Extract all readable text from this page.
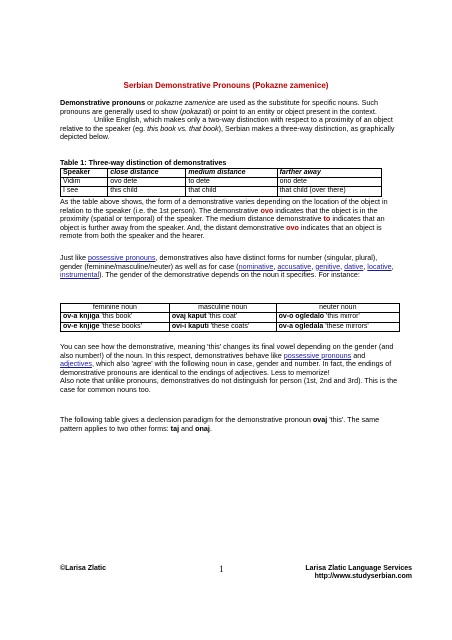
Serbian Demonstrative Pronouns (Pokazne zamenice)

Demonstrative pronouns or pokazne zamenice are used as the substitute for specific nouns. Such pronouns are generally used to show (pokazati) or point to an entity or object present in the context.

Unlike English, which makes only a two-way distinction with respect to a proximity of an object relative to the speaker (eg. this book vs. that book), Serbian makes a three-way distinction, as graphically depicted below.

Table 1: Three-way distinction of demonstratives

Speaker	close distance	medium distance	farther away
Vidim	ovo dete	to dete	ono dete
I see	this child	that child	that child (over there)

As the table above shows, the form of a demonstrative varies depending on the location of the object in relation to the speaker (i.e. the 1st person). The demonstrative ovo indicates that the object is in the proximity (spatial or temporal) of the speaker. The medium distance demonstrative to indicates that an object is further away from the speaker. And, the distant demonstrative ovo indicates that an object is remote from both the speaker and the hearer.

Just like possessive pronouns, demonstratives also have distinct forms for number (singular, plural), gender (feminine/masculine/neuter) as well as for case (nominative, accusative, genitive, dative, locative, instrumental). The gender of the demonstrative depends on the noun it specifies. For instance:

feminine noun	masculine noun	neuter noun
ov-a knjiga 'this book'	ovaj kaput 'this coat'	ov-o ogledalo 'this mirror'
ov-e knjige 'these books'	ovi-i kaputi 'these coats'	ov-a ogledala 'these mirrors'

You can see how the demonstrative, meaning 'this' changes its final vowel depending on the gender (and also number!) of the noun. In this respect, demonstratives behave like possessive pronouns and adjectives, which also 'agree' with the following noun in case, gender and number. In fact, the endings of demonstrative pronouns are identical to the endings of adjectives. Less to memorize!

Also note that unlike pronouns, demonstratives do not distinguish for person (1st, 2nd and 3rd). This is the case for common nouns too.

The following table gives a declension paradigm for the demonstrative pronoun ovaj 'this'. The same pattern applies to two other forms: taj and onaj.

©Larisa Zlatic	1	Larisa Zlatic Language Services
http://www.studyserbian.com
